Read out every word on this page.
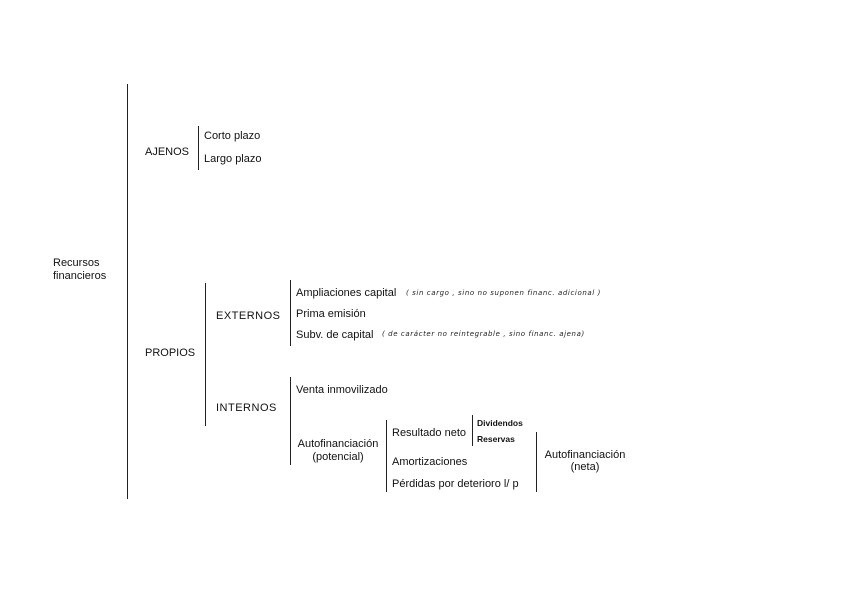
Recursos
financieros
AJENOS
Corto plazo
Largo plazo
PROPIOS
EXTERNOS
Ampliaciones capital ( sin cargo , sino no suponen financ. adicional )
Prima emisión
Subv. de capital ( de carácter no reintegrable , sino financ. ajena)
INTERNOS
Venta inmovilizado
Autofinanciación
(potencial)
Resultado neto
Dividendos
Reservas
Amortizaciones
Pérdidas por deterioro l/ p
Autofinanciación
(neta)
